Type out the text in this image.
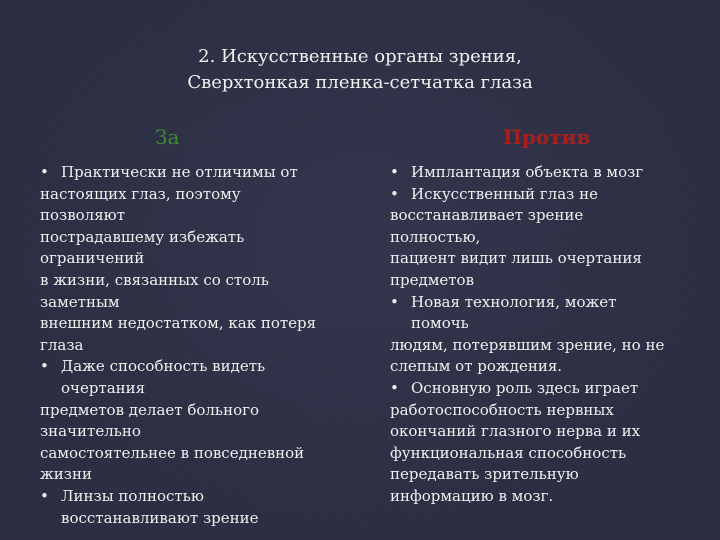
2. Искусственные органы зрения,
Сверхтонкая пленка-сетчатка глаза
За	Против
• Практически не отличимы от
настоящих глаз, поэтому
позволяют
пострадавшему избежать
ограничений
в жизни, связанных со столь
заметным
внешним недостатком, как потеря
глаза
• Даже способность видеть
очертания
предметов делает больного
значительно
самостоятельнее в повседневной
жизни
• Линзы полностью
восстанавливают зрение
• Имплантация объекта в мозг
• Искусственный глаз не
восстанавливает зрение
полностью,
пациент видит лишь очертания
предметов
• Новая технология, может
помочь
людям, потерявшим зрение, но не
слепым от рождения.
• Основную роль здесь играет
работоспособность нервных
окончаний глазного нерва и их
функциональная способность
передавать зрительную
информацию в мозг.
